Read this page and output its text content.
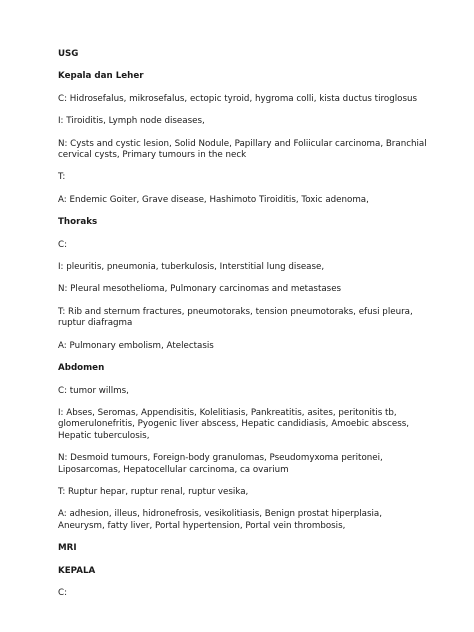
USG
Kepala dan Leher
C: Hidrosefalus, mikrosefalus, ectopic tyroid, hygroma colli, kista ductus tiroglosus
I: Tiroiditis, Lymph node diseases,
N: Cysts and cystic lesion, Solid Nodule, Papillary and Foliicular carcinoma, Branchial cervical cysts, Primary tumours in the neck
T:
A: Endemic Goiter, Grave disease, Hashimoto Tiroiditis, Toxic adenoma,
Thoraks
C:
I: pleuritis, pneumonia, tuberkulosis, Interstitial lung disease,
N: Pleural mesothelioma, Pulmonary carcinomas and metastases
T: Rib and sternum fractures, pneumotoraks, tension pneumotoraks, efusi pleura, ruptur diafragma
A: Pulmonary embolism, Atelectasis
Abdomen
C: tumor willms,
I: Abses, Seromas, Appendisitis, Kolelitiasis, Pankreatitis, asites, peritonitis tb, glomerulonefritis, Pyogenic liver abscess, Hepatic candidiasis, Amoebic abscess, Hepatic tuberculosis,
N: Desmoid tumours, Foreign-body granulomas, Pseudomyxoma peritonei, Liposarcomas, Hepatocellular carcinoma, ca ovarium
T: Ruptur hepar, ruptur renal, ruptur vesika,
A: adhesion, illeus, hidronefrosis, vesikolitiasis, Benign prostat hiperplasia, Aneurysm, fatty liver, Portal hypertension, Portal vein thrombosis,
MRI
KEPALA
C:
